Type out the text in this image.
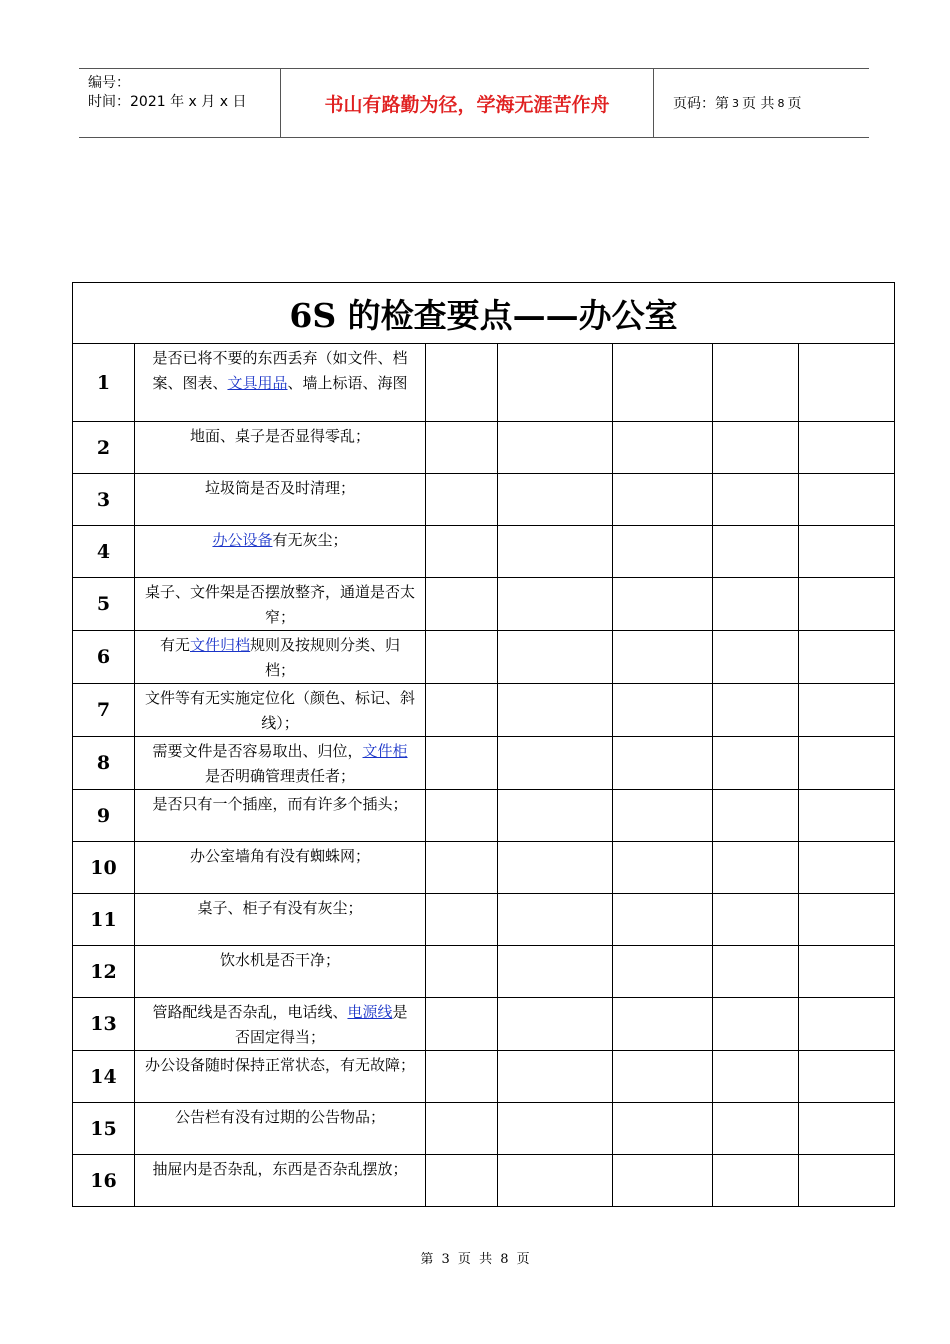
编号：
时间：2021 年 x 月 x 日	书山有路勤为径，学海无涯苦作舟	页码：第 3 页 共 8 页
6S 的检查要点——办公室						
1	是否已将不要的东西丢弃（如文件、档案、图表、文具用品、墙上标语、海图					
2	地面、桌子是否显得零乱；					
3	垃圾筒是否及时清理；					
4	办公设备有无灰尘；					
5	桌子、文件架是否摆放整齐，通道是否太窄；					
6	有无文件归档规则及按规则分类、归档；					
7	文件等有无实施定位化（颜色、标记、斜线）；					
8	需要文件是否容易取出、归位，文件柜是否明确管理责任者；					
9	是否只有一个插座，而有许多个插头；					
10	办公室墙角有没有蜘蛛网；					
11	桌子、柜子有没有灰尘；					
12	饮水机是否干净；					
13	管路配线是否杂乱，电话线、电源线是否固定得当；					
14	办公设备随时保持正常状态，有无故障；					
15	公告栏有没有过期的公告物品；					
16	抽屉内是否杂乱，东西是否杂乱摆放；					
第 3 页 共 8 页
